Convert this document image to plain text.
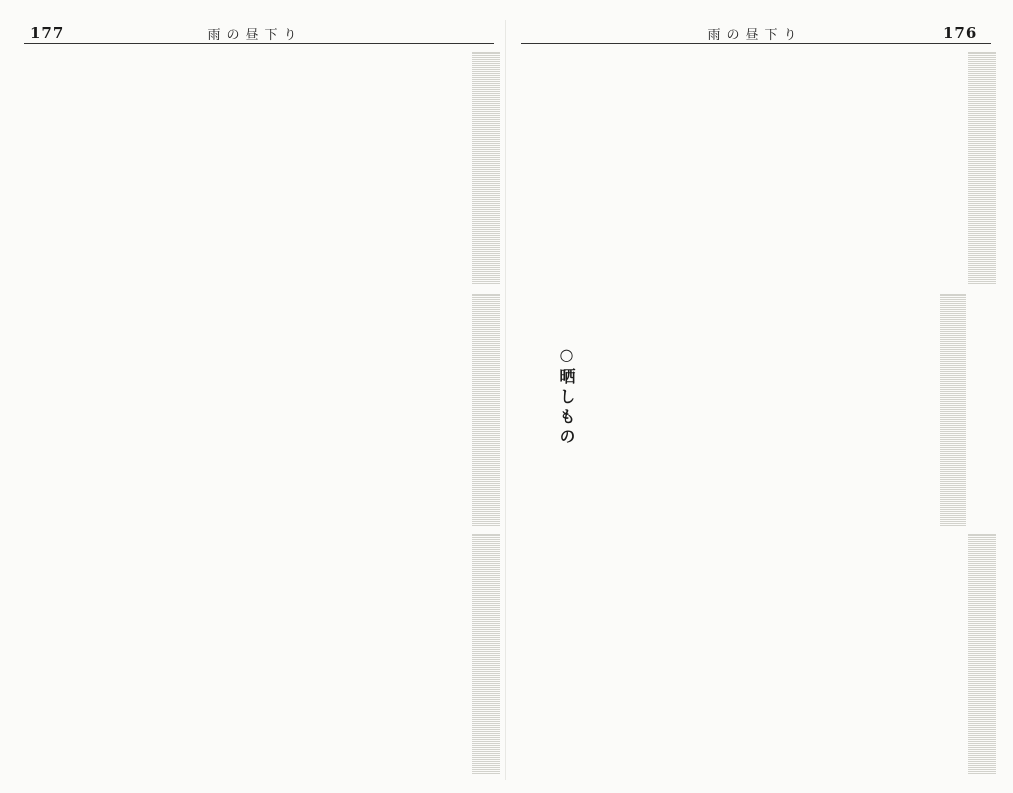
177	雨の昼下り	176
雨の昼下り
○晒しもの
